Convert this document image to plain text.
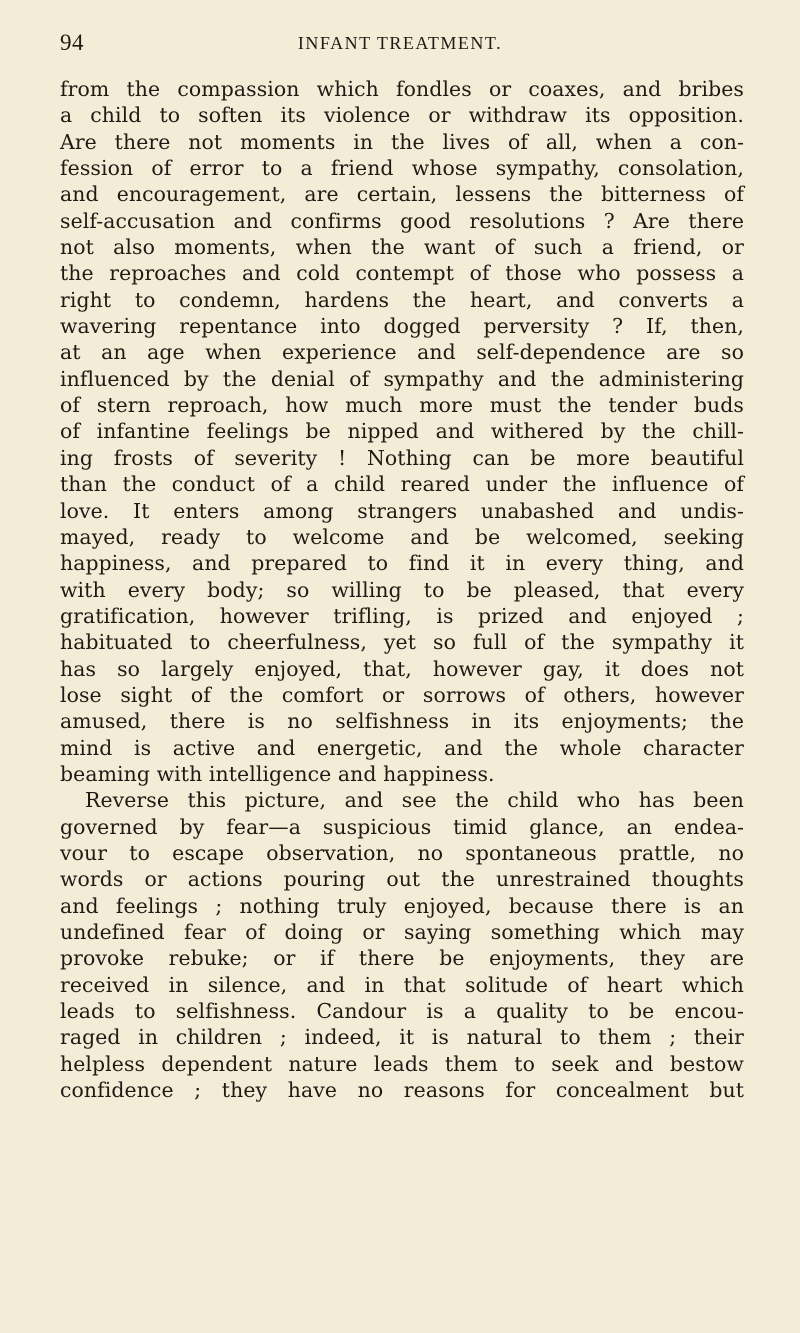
94	INFANT TREATMENT.
from the compassion which fondles or coaxes, and bribes
a child to soften its violence or withdraw its opposition.
Are there not moments in the lives of all, when a con-
fession of error to a friend whose sympathy, consolation,
and encouragement, are certain, lessens the bitterness of
self-accusation and confirms good resolutions ? Are there
not also moments, when the want of such a friend, or
the reproaches and cold contempt of those who possess a
right to condemn, hardens the heart, and converts a
wavering repentance into dogged perversity ? If, then,
at an age when experience and self-dependence are so
influenced by the denial of sympathy and the administering
of stern reproach, how much more must the tender buds
of infantine feelings be nipped and withered by the chill-
ing frosts of severity ! Nothing can be more beautiful
than the conduct of a child reared under the influence of
love. It enters among strangers unabashed and undis-
mayed, ready to welcome and be welcomed, seeking
happiness, and prepared to find it in every thing, and
with every body; so willing to be pleased, that every
gratification, however trifling, is prized and enjoyed ;
habituated to cheerfulness, yet so full of the sympathy it
has so largely enjoyed, that, however gay, it does not
lose sight of the comfort or sorrows of others, however
amused, there is no selfishness in its enjoyments; the
mind is active and energetic, and the whole character
beaming with intelligence and happiness.
Reverse this picture, and see the child who has been
governed by fear—a suspicious timid glance, an endea-
vour to escape observation, no spontaneous prattle, no
words or actions pouring out the unrestrained thoughts
and feelings ; nothing truly enjoyed, because there is an
undefined fear of doing or saying something which may
provoke rebuke; or if there be enjoyments, they are
received in silence, and in that solitude of heart which
leads to selfishness. Candour is a quality to be encou-
raged in children ; indeed, it is natural to them ; their
helpless dependent nature leads them to seek and bestow
confidence ; they have no reasons for concealment but
